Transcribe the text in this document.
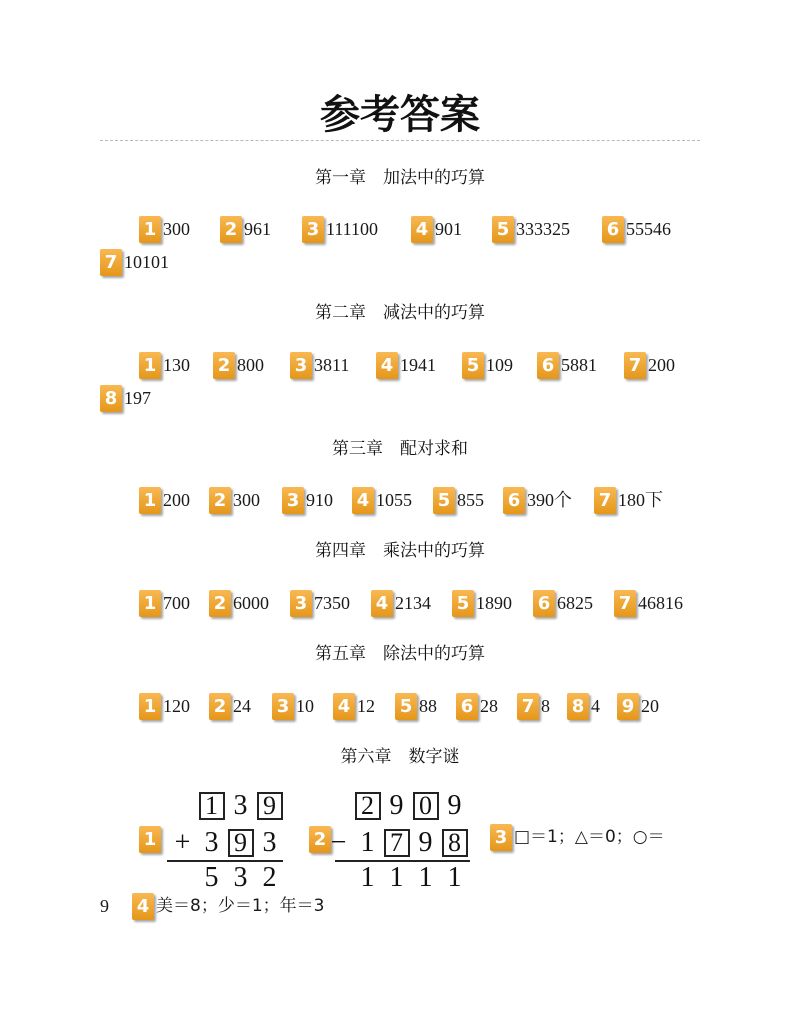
参考答案
第一章　加法中的巧算
1 300 2 961 3 111100 4 901 5 333325 6 55546
7 10101
第二章　减法中的巧算
1 130 2 800 3 3811 4 1941 5 109 6 5881 7 200
8 197
第三章　配对求和
1 200 2 300 3 910 4 1055 5 855 6 390个 7 180下
第四章　乘法中的巧算
1 700 2 6000 3 7350 4 2134 5 1890 6 6825 7 46816
第五章　除法中的巧算
1 120 2 24 3 10 4 12 5 88 6 28 7 8 8 4 9 20
第六章　数字谜
1	2
1 3 9
+ 3 9 3
5 3 2
2 9 0 9
− 1 7 9 8
1 1 1 1
3 □＝1；△＝0；○＝
9 4 美＝8；少＝1；年＝3
